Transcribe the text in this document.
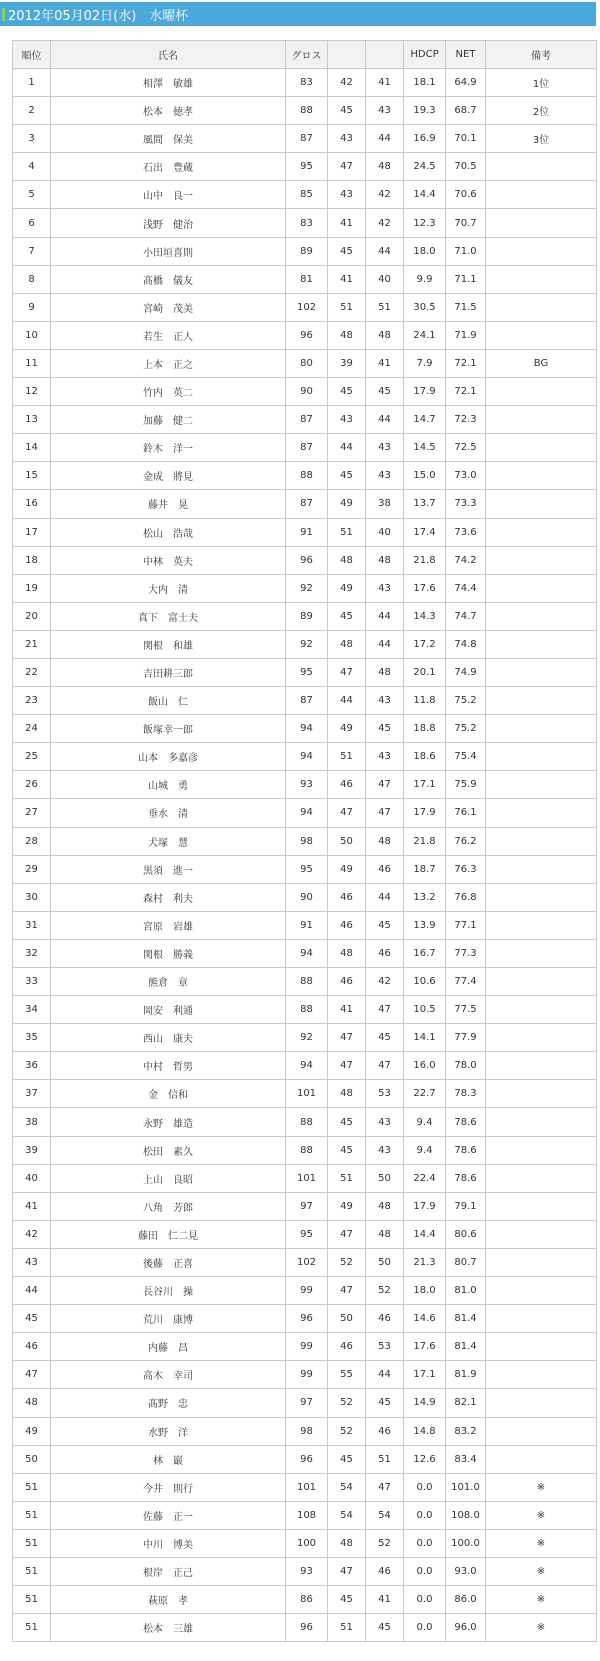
2012年05月02日(水)　水曜杯
順位	氏名	グロス			HDCP	NET	備考
1	相澤　敏雄	83	42	41	18.1	64.9	1位
2	松本　徳孝	88	45	43	19.3	68.7	2位
3	風間　保美	87	43	44	16.9	70.1	3位
4	石出　豊蔵	95	47	48	24.5	70.5	
5	山中　良一	85	43	42	14.4	70.6	
6	浅野　健治	83	41	42	12.3	70.7	
7	小田垣喜則	89	45	44	18.0	71.0	
8	髙橋　儀友	81	41	40	9.9	71.1	
9	宮崎　茂美	102	51	51	30.5	71.5	
10	若生　正人	96	48	48	24.1	71.9	
11	上本　正之	80	39	41	7.9	72.1	BG
12	竹内　英二	90	45	45	17.9	72.1	
13	加藤　健二	87	43	44	14.7	72.3	
14	鈴木　洋一	87	44	43	14.5	72.5	
15	金成　將見	88	45	43	15.0	73.0	
16	藤井　晃	87	49	38	13.7	73.3	
17	松山　浩哉	91	51	40	17.4	73.6	
18	中林　英夫	96	48	48	21.8	74.2	
19	大内　清	92	49	43	17.6	74.4	
20	真下　富士夫	89	45	44	14.3	74.7	
21	関根　和雄	92	48	44	17.2	74.8	
22	吉田耕三郎	95	47	48	20.1	74.9	
23	飯山　仁	87	44	43	11.8	75.2	
24	飯塚幸一郎	94	49	45	18.8	75.2	
25	山本　多嘉彦	94	51	43	18.6	75.4	
26	山城　勇	93	46	47	17.1	75.9	
27	垂水　清	94	47	47	17.9	76.1	
28	犬塚　慧	98	50	48	21.8	76.2	
29	黒須　進一	95	49	46	18.7	76.3	
30	森村　利夫	90	46	44	13.2	76.8	
31	宮原　岩雄	91	46	45	13.9	77.1	
32	関根　勝義	94	48	46	16.7	77.3	
33	熊倉　章	88	46	42	10.6	77.4	
34	岡安　利通	88	41	47	10.5	77.5	
35	西山　康夫	92	47	45	14.1	77.9	
36	中村　哲男	94	47	47	16.0	78.0	
37	金　信和	101	48	53	22.7	78.3	
38	永野　雄造	88	45	43	9.4	78.6	
39	松田　素久	88	45	43	9.4	78.6	
40	上山　良昭	101	51	50	22.4	78.6	
41	八角　芳郎	97	49	48	17.9	79.1	
42	藤田　仁二見	95	47	48	14.4	80.6	
43	後藤　正喜	102	52	50	21.3	80.7	
44	長谷川　操	99	47	52	18.0	81.0	
45	荒川　康博	96	50	46	14.6	81.4	
46	内藤　昌	99	46	53	17.6	81.4	
47	高木　幸司	99	55	44	17.1	81.9	
48	髙野　忠	97	52	45	14.9	82.1	
49	水野　洋	98	52	46	14.8	83.2	
50	林　巌	96	45	51	12.6	83.4	
51	今井　則行	101	54	47	0.0	101.0	※
51	佐藤　正一	108	54	54	0.0	108.0	※
51	中川　博美	100	48	52	0.0	100.0	※
51	根岸　正己	93	47	46	0.0	93.0	※
51	萩原　孝	86	45	41	0.0	86.0	※
51	松本　三雄	96	51	45	0.0	96.0	※
